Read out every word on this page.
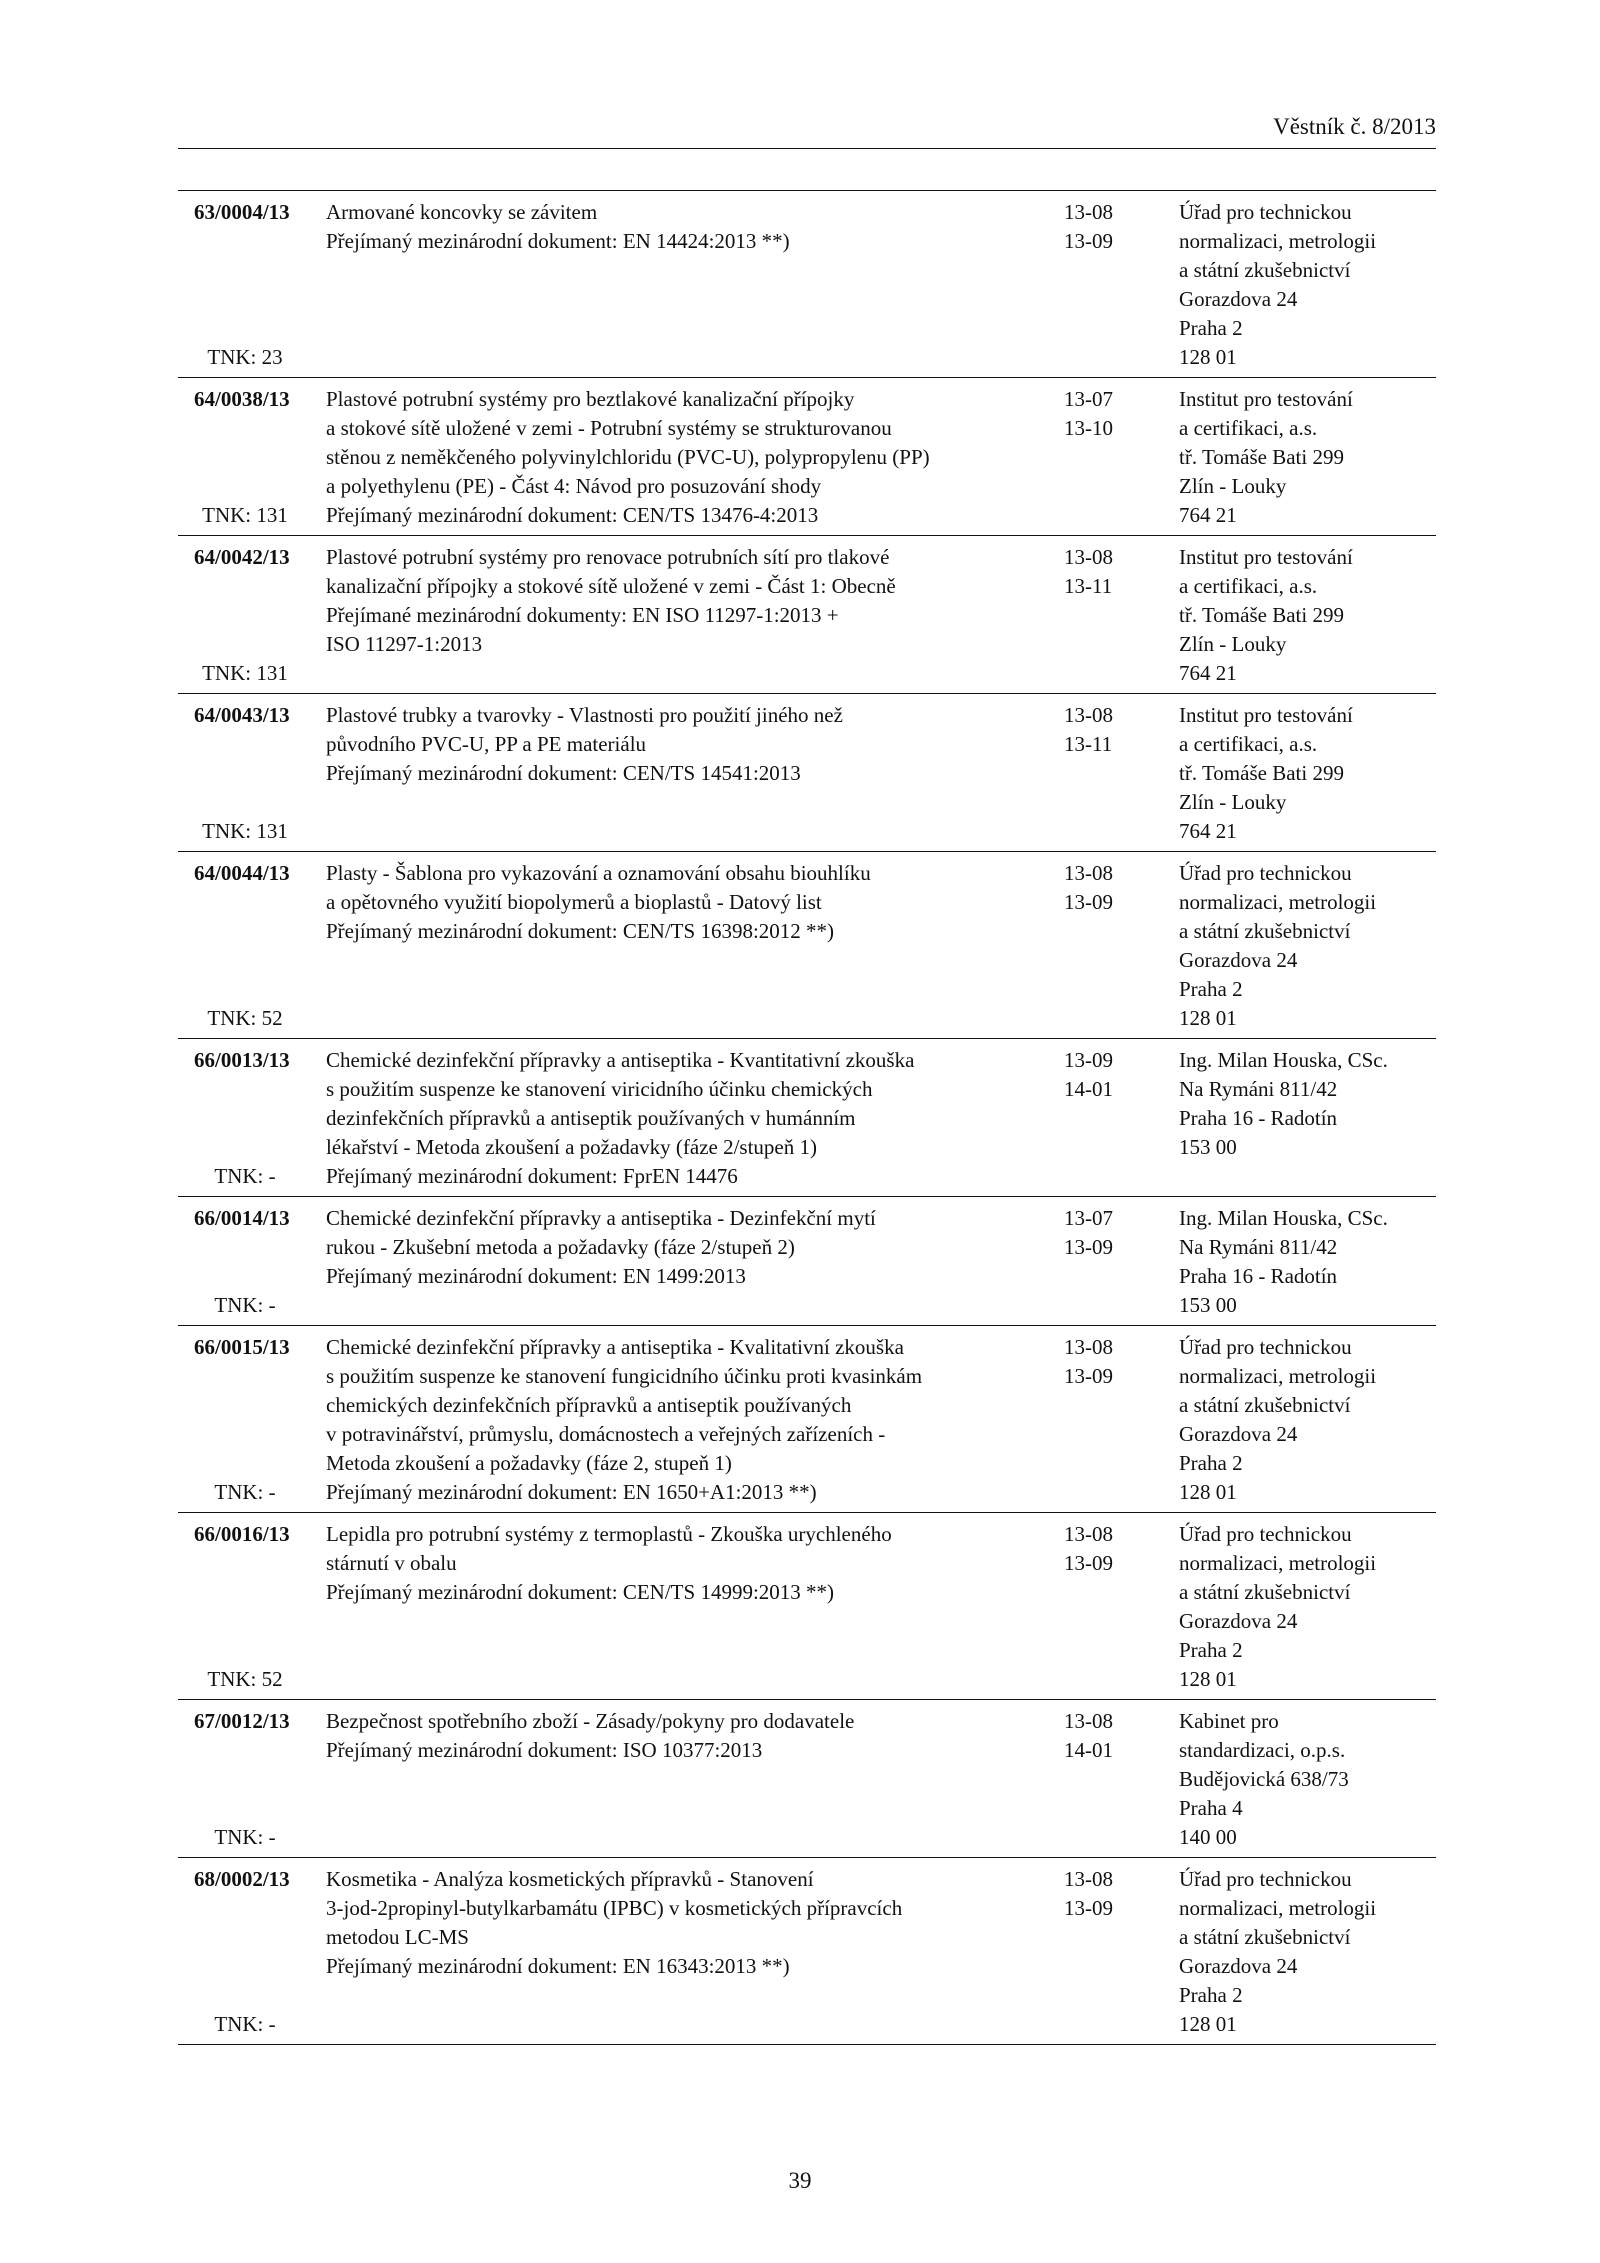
Věstník č. 8/2013
63/0004/13
TNK: 23
Armované koncovky se závitem
Přejímaný mezinárodní dokument: EN 14424:2013 **)
13-08
13-09
Úřad pro technickou
normalizaci, metrologii
a státní zkušebnictví
Gorazdova 24
Praha 2
128 01
64/0038/13
TNK: 131
Plastové potrubní systémy pro beztlakové kanalizační přípojky
a stokové sítě uložené v zemi - Potrubní systémy se strukturovanou
stěnou z neměkčeného polyvinylchloridu (PVC-U), polypropylenu (PP)
a polyethylenu (PE) - Část 4: Návod pro posuzování shody
Přejímaný mezinárodní dokument: CEN/TS 13476-4:2013
13-07
13-10
Institut pro testování
a certifikaci, a.s.
tř. Tomáše Bati 299
Zlín - Louky
764 21
64/0042/13
TNK: 131
Plastové potrubní systémy pro renovace potrubních sítí pro tlakové
kanalizační přípojky a stokové sítě uložené v zemi - Část 1: Obecně
Přejímané mezinárodní dokumenty: EN ISO 11297-1:2013 +
ISO 11297-1:2013
13-08
13-11
Institut pro testování
a certifikaci, a.s.
tř. Tomáše Bati 299
Zlín - Louky
764 21
64/0043/13
TNK: 131
Plastové trubky a tvarovky - Vlastnosti pro použití jiného než
původního PVC-U, PP a PE materiálu
Přejímaný mezinárodní dokument: CEN/TS 14541:2013
13-08
13-11
Institut pro testování
a certifikaci, a.s.
tř. Tomáše Bati 299
Zlín - Louky
764 21
64/0044/13
TNK: 52
Plasty - Šablona pro vykazování a oznamování obsahu biouhlíku
a opětovného využití biopolymerů a bioplastů - Datový list
Přejímaný mezinárodní dokument: CEN/TS 16398:2012 **)
13-08
13-09
Úřad pro technickou
normalizaci, metrologii
a státní zkušebnictví
Gorazdova 24
Praha 2
128 01
66/0013/13
TNK: -
Chemické dezinfekční přípravky a antiseptika - Kvantitativní zkouška
s použitím suspenze ke stanovení viricidního účinku chemických
dezinfekčních přípravků a antiseptik používaných v humánním
lékařství - Metoda zkoušení a požadavky (fáze 2/stupeň 1)
Přejímaný mezinárodní dokument: FprEN 14476
13-09
14-01
Ing. Milan Houska, CSc.
Na Rymáni 811/42
Praha 16 - Radotín
153 00
66/0014/13
TNK: -
Chemické dezinfekční přípravky a antiseptika - Dezinfekční mytí
rukou - Zkušební metoda a požadavky (fáze 2/stupeň 2)
Přejímaný mezinárodní dokument: EN 1499:2013
13-07
13-09
Ing. Milan Houska, CSc.
Na Rymáni 811/42
Praha 16 - Radotín
153 00
66/0015/13
TNK: -
Chemické dezinfekční přípravky a antiseptika - Kvalitativní zkouška
s použitím suspenze ke stanovení fungicidního účinku proti kvasinkám
chemických dezinfekčních přípravků a antiseptik používaných
v potravinářství, průmyslu, domácnostech a veřejných zařízeních -
Metoda zkoušení a požadavky (fáze 2, stupeň 1)
Přejímaný mezinárodní dokument: EN 1650+A1:2013 **)
13-08
13-09
Úřad pro technickou
normalizaci, metrologii
a státní zkušebnictví
Gorazdova 24
Praha 2
128 01
66/0016/13
TNK: 52
Lepidla pro potrubní systémy z termoplastů - Zkouška urychleného
stárnutí v obalu
Přejímaný mezinárodní dokument: CEN/TS 14999:2013 **)
13-08
13-09
Úřad pro technickou
normalizaci, metrologii
a státní zkušebnictví
Gorazdova 24
Praha 2
128 01
67/0012/13
TNK: -
Bezpečnost spotřebního zboží - Zásady/pokyny pro dodavatele
Přejímaný mezinárodní dokument: ISO 10377:2013
13-08
14-01
Kabinet pro
standardizaci, o.p.s.
Budějovická 638/73
Praha 4
140 00
68/0002/13
TNK: -
Kosmetika - Analýza kosmetických přípravků - Stanovení
3-jod-2propinyl-butylkarbamátu (IPBC) v kosmetických přípravcích
metodou LC-MS
Přejímaný mezinárodní dokument: EN 16343:2013 **)
13-08
13-09
Úřad pro technickou
normalizaci, metrologii
a státní zkušebnictví
Gorazdova 24
Praha 2
128 01
39
